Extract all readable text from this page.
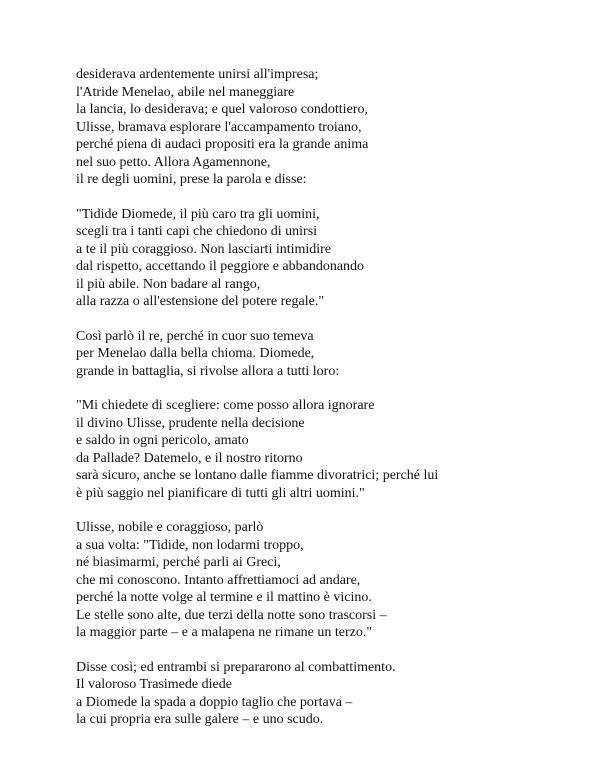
desiderava ardentemente unirsi all'impresa;
l'Atride Menelao, abile nel maneggiare
la lancia, lo desiderava; e quel valoroso condottiero,
Ulisse, bramava esplorare l'accampamento troiano,
perché piena di audaci propositi era la grande anima
nel suo petto. Allora Agamennone,
il re degli uomini, prese la parola e disse:
"Tidide Diomede, il più caro tra gli uomini,
scegli tra i tanti capi che chiedono di unirsi
a te il più coraggioso. Non lasciarti intimidire
dal rispetto, accettando il peggiore e abbandonando
il più abile. Non badare al rango,
alla razza o all'estensione del potere regale."
Così parlò il re, perché in cuor suo temeva
per Menelao dalla bella chioma. Diomede,
grande in battaglia, si rivolse allora a tutti loro:
"Mi chiedete di scegliere: come posso allora ignorare
il divino Ulisse, prudente nella decisione
e saldo in ogni pericolo, amato
da Pallade? Datemelo, e il nostro ritorno
sarà sicuro, anche se lontano dalle fiamme divoratrici; perché lui
è più saggio nel pianificare di tutti gli altri uomini."
Ulisse, nobile e coraggioso, parlò
a sua volta: "Tidide, non lodarmi troppo,
né biasimarmi, perché parli ai Greci,
che mi conoscono. Intanto affrettiamoci ad andare,
perché la notte volge al termine e il mattino è vicino.
Le stelle sono alte, due terzi della notte sono trascorsi –
la maggior parte – e a malapena ne rimane un terzo."
Disse così; ed entrambi si prepararono al combattimento.
Il valoroso Trasimede diede
a Diomede la spada a doppio taglio che portava –
la cui propria era sulle galere – e uno scudo.
